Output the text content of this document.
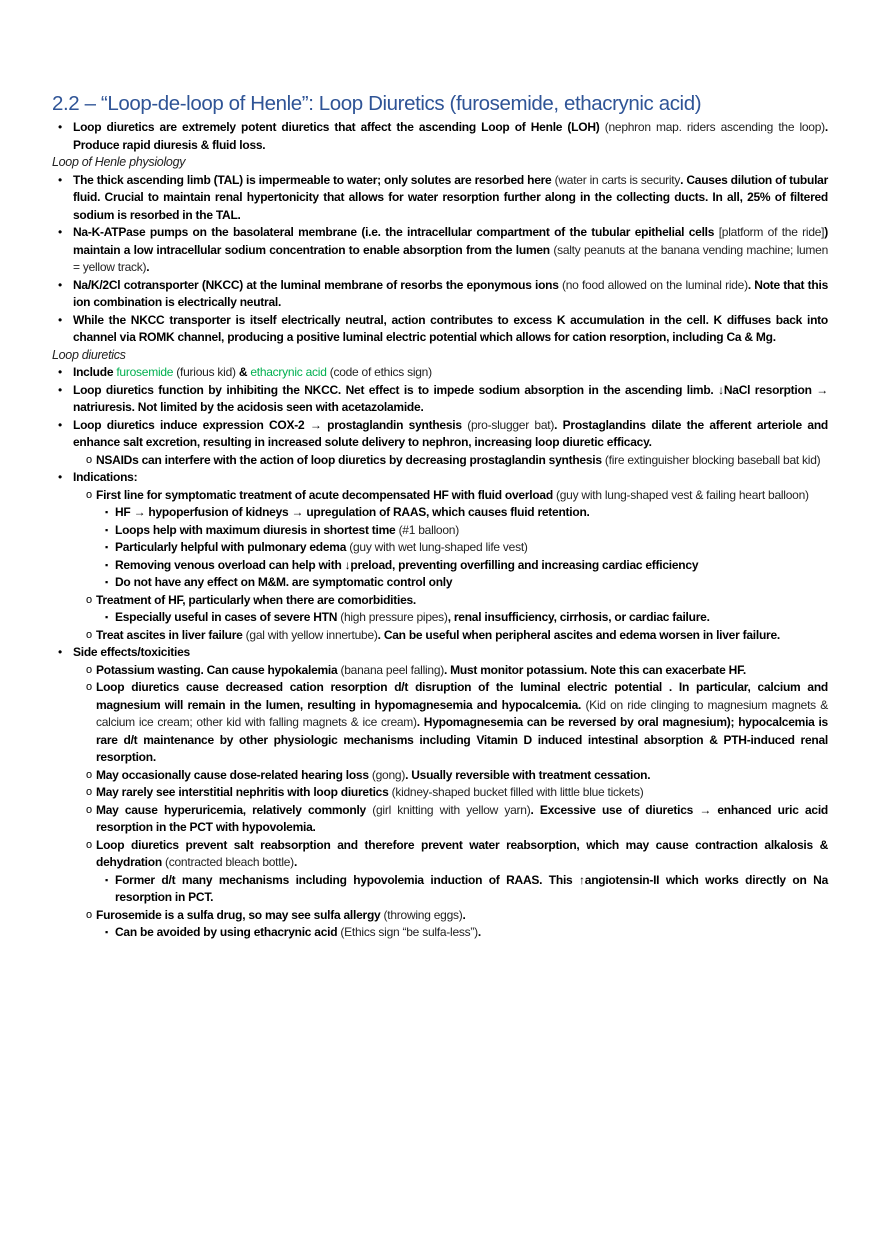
2.2 – “Loop-de-loop of Henle”: Loop Diuretics (furosemide, ethacrynic acid)
• Loop diuretics are extremely potent diuretics that affect the ascending Loop of Henle (LOH) (nephron map. riders ascending the loop). Produce rapid diuresis & fluid loss.
Loop of Henle physiology
• The thick ascending limb (TAL) is impermeable to water; only solutes are resorbed here (water in carts is security. Causes dilution of tubular fluid. Crucial to maintain renal hypertonicity that allows for water resorption further along in the collecting ducts. In all, 25% of filtered sodium is resorbed in the TAL.
• Na-K-ATPase pumps on the basolateral membrane (i.e. the intracellular compartment of the tubular epithelial cells [platform of the ride]) maintain a low intracellular sodium concentration to enable absorption from the lumen (salty peanuts at the banana vending machine; lumen = yellow track).
• Na/K/2Cl cotransporter (NKCC) at the luminal membrane of resorbs the eponymous ions (no food allowed on the luminal ride). Note that this ion combination is electrically neutral.
• While the NKCC transporter is itself electrically neutral, action contributes to excess K accumulation in the cell. K diffuses back into channel via ROMK channel, producing a positive luminal electric potential which allows for cation resorption, including Ca & Mg.
Loop diuretics
• Include furosemide (furious kid) & ethacrynic acid (code of ethics sign)
• Loop diuretics function by inhibiting the NKCC. Net effect is to impede sodium absorption in the ascending limb. ↓NaCl resorption → natriuresis. Not limited by the acidosis seen with acetazolamide.
• Loop diuretics induce expression COX-2 → prostaglandin synthesis (pro-slugger bat). Prostaglandins dilate the afferent arteriole and enhance salt excretion, resulting in increased solute delivery to nephron, increasing loop diuretic efficacy.
o NSAIDs can interfere with the action of loop diuretics by decreasing prostaglandin synthesis (fire extinguisher blocking baseball bat kid)
• Indications:
o First line for symptomatic treatment of acute decompensated HF with fluid overload (guy with lung-shaped vest & failing heart balloon)
▪ HF → hypoperfusion of kidneys → upregulation of RAAS, which causes fluid retention.
▪ Loops help with maximum diuresis in shortest time (#1 balloon)
▪ Particularly helpful with pulmonary edema (guy with wet lung-shaped life vest)
▪ Removing venous overload can help with ↓preload, preventing overfilling and increasing cardiac efficiency
▪ Do not have any effect on M&M. are symptomatic control only
o Treatment of HF, particularly when there are comorbidities.
▪ Especially useful in cases of severe HTN (high pressure pipes), renal insufficiency, cirrhosis, or cardiac failure.
o Treat ascites in liver failure (gal with yellow innertube). Can be useful when peripheral ascites and edema worsen in liver failure.
• Side effects/toxicities
o Potassium wasting. Can cause hypokalemia (banana peel falling). Must monitor potassium. Note this can exacerbate HF.
o Loop diuretics cause decreased cation resorption d/t disruption of the luminal electric potential . In particular, calcium and magnesium will remain in the lumen, resulting in hypomagnesemia and hypocalcemia. (Kid on ride clinging to magnesium magnets & calcium ice cream; other kid with falling magnets & ice cream). Hypomagnesemia can be reversed by oral magnesium); hypocalcemia is rare d/t maintenance by other physiologic mechanisms including Vitamin D induced intestinal absorption & PTH-induced renal resorption.
o May occasionally cause dose-related hearing loss (gong). Usually reversible with treatment cessation.
o May rarely see interstitial nephritis with loop diuretics (kidney-shaped bucket filled with little blue tickets)
o May cause hyperuricemia, relatively commonly (girl knitting with yellow yarn). Excessive use of diuretics → enhanced uric acid resorption in the PCT with hypovolemia.
o Loop diuretics prevent salt reabsorption and therefore prevent water reabsorption, which may cause contraction alkalosis & dehydration (contracted bleach bottle).
▪ Former d/t many mechanisms including hypovolemia induction of RAAS. This ↑angiotensin-II which works directly on Na resorption in PCT.
o Furosemide is a sulfa drug, so may see sulfa allergy (throwing eggs).
▪ Can be avoided by using ethacrynic acid (Ethics sign “be sulfa-less”).
